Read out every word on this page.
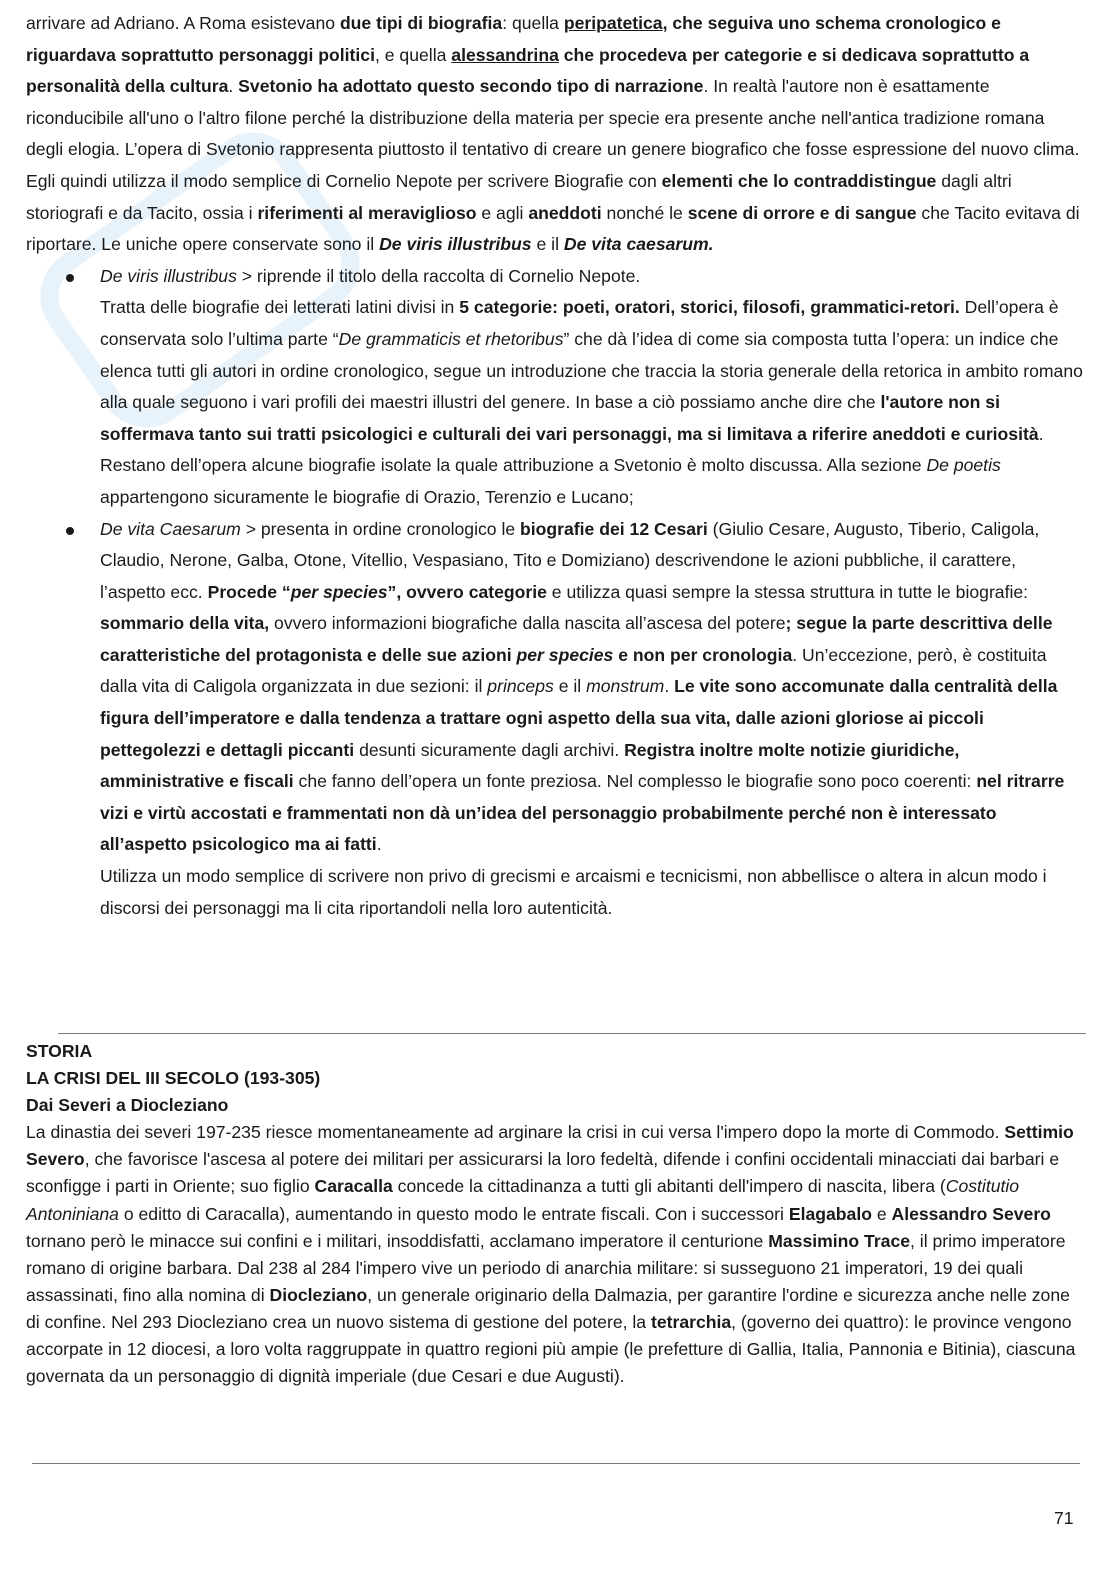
arrivare ad Adriano. A Roma esistevano due tipi di biografia: quella peripatetica, che seguiva uno schema cronologico e riguardava soprattutto personaggi politici, e quella alessandrina che procedeva per categorie e si dedicava soprattutto a personalità della cultura. Svetonio ha adottato questo secondo tipo di narrazione. In realtà l'autore non è esattamente riconducibile all'uno o l'altro filone perché la distribuzione della materia per specie era presente anche nell'antica tradizione romana degli elogia. L’opera di Svetonio rappresenta piuttosto il tentativo di creare un genere biografico che fosse espressione del nuovo clima. Egli quindi utilizza il modo semplice di Cornelio Nepote per scrivere Biografie con elementi che lo contraddistingue dagli altri storiografi e da Tacito, ossia i riferimenti al meraviglioso e agli aneddoti nonché le scene di orrore e di sangue che Tacito evitava di riportare. Le uniche opere conservate sono il De viris illustribus e il De vita caesarum.

De viris illustribus > riprende il titolo della raccolta di Cornelio Nepote.
Tratta delle biografie dei letterati latini divisi in 5 categorie: poeti, oratori, storici, filosofi, grammatici-retori. Dell’opera è conservata solo l’ultima parte “De grammaticis et rhetoribus” che dà l’idea di come sia composta tutta l’opera: un indice che elenca tutti gli autori in ordine cronologico, segue un introduzione che traccia la storia generale della retorica in ambito romano alla quale seguono i vari profili dei maestri illustri del genere. In base a ciò possiamo anche dire che l'autore non si soffermava tanto sui tratti psicologici e culturali dei vari personaggi, ma si limitava a riferire aneddoti e curiosità. Restano dell’opera alcune biografie isolate la quale attribuzione a Svetonio è molto discussa. Alla sezione De poetis appartengono sicuramente le biografie di Orazio, Terenzio e Lucano;
De vita Caesarum > presenta in ordine cronologico le biografie dei 12 Cesari (Giulio Cesare, Augusto, Tiberio, Caligola, Claudio, Nerone, Galba, Otone, Vitellio, Vespasiano, Tito e Domiziano) descrivendone le azioni pubbliche, il carattere, l’aspetto ecc. Procede “per species”, ovvero categorie e utilizza quasi sempre la stessa struttura in tutte le biografie: sommario della vita, ovvero informazioni biografiche dalla nascita all’ascesa del potere; segue la parte descrittiva delle caratteristiche del protagonista e delle sue azioni per species e non per cronologia. Un’eccezione, però, è costituita dalla vita di Caligola organizzata in due sezioni: il princeps e il monstrum. Le vite sono accomunate dalla centralità della figura dell’imperatore e dalla tendenza a trattare ogni aspetto della sua vita, dalle azioni gloriose ai piccoli pettegolezzi e dettagli piccanti desunti sicuramente dagli archivi. Registra inoltre molte notizie giuridiche, amministrative e fiscali che fanno dell’opera un fonte preziosa. Nel complesso le biografie sono poco coerenti: nel ritrarre vizi e virtù accostati e frammentati non dà un’idea del personaggio probabilmente perché non è interessato all’aspetto psicologico ma ai fatti.

Utilizza un modo semplice di scrivere non privo di grecismi e arcaismi e tecnicismi, non abbellisce o altera in alcun modo i discorsi dei personaggi ma li cita riportandoli nella loro autenticità.

STORIA

LA CRISI DEL III SECOLO (193-305)

Dai Severi a Diocleziano

La dinastia dei severi 197-235 riesce momentaneamente ad arginare la crisi in cui versa l'impero dopo la morte di Commodo. Settimio Severo, che favorisce l'ascesa al potere dei militari per assicurarsi la loro fedeltà, difende i confini occidentali minacciati dai barbari e sconfigge i parti in Oriente; suo figlio Caracalla concede la cittadinanza a tutti gli abitanti dell'impero di nascita, libera (Costitutio Antoniniana o editto di Caracalla), aumentando in questo modo le entrate fiscali. Con i successori Elagabalo e Alessandro Severo tornano però le minacce sui confini e i militari, insoddisfatti, acclamano imperatore il centurione Massimino Trace, il primo imperatore romano di origine barbara. Dal 238 al 284 l'impero vive un periodo di anarchia militare: si susseguono 21 imperatori, 19 dei quali assassinati, fino alla nomina di Diocleziano, un generale originario della Dalmazia, per garantire l'ordine e sicurezza anche nelle zone di confine. Nel 293 Diocleziano crea un nuovo sistema di gestione del potere, la tetrarchia, (governo dei quattro): le province vengono accorpate in 12 diocesi, a loro volta raggruppate in quattro regioni più ampie (le prefetture di Gallia, Italia, Pannonia e Bitinia), ciascuna governata da un personaggio di dignità imperiale (due Cesari e due Augusti).

71
